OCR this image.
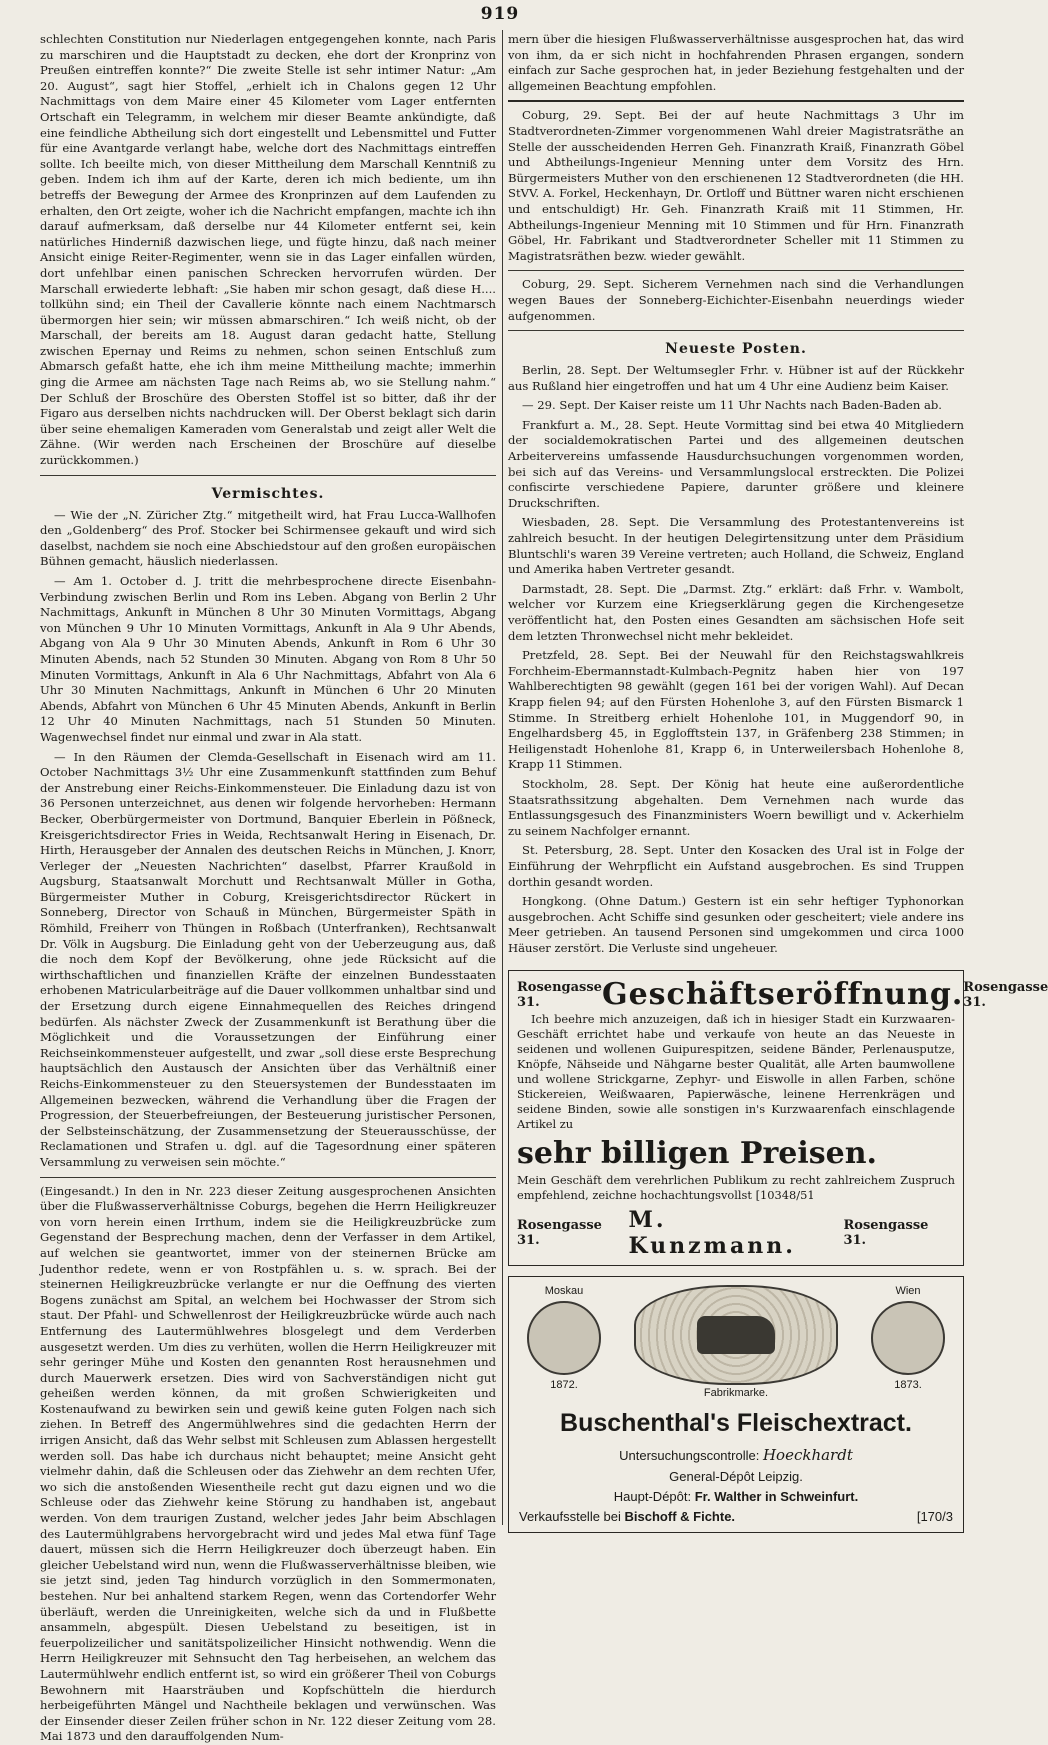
919

schlechten Constitution nur Niederlagen entgegengehen konnte, nach Paris zu marschiren und die Hauptstadt zu decken, ehe dort der Kronprinz von Preußen eintreffen konnte?“ Die zweite Stelle ist sehr intimer Natur: „Am 20. August“, sagt hier Stoffel, „erhielt ich in Chalons gegen 12 Uhr Nachmittags von dem Maire einer 45 Kilometer vom Lager entfernten Ortschaft ein Telegramm, in welchem mir dieser Beamte ankündigte, daß eine feindliche Abtheilung sich dort eingestellt und Lebensmittel und Futter für eine Avantgarde verlangt habe, welche dort des Nachmittags eintreffen sollte. Ich beeilte mich, von dieser Mittheilung dem Marschall Kenntniß zu geben. Indem ich ihm auf der Karte, deren ich mich bediente, um ihn betreffs der Bewegung der Armee des Kronprinzen auf dem Laufenden zu erhalten, den Ort zeigte, woher ich die Nachricht empfangen, machte ich ihn darauf aufmerksam, daß derselbe nur 44 Kilometer entfernt sei, kein natürliches Hinderniß dazwischen liege, und fügte hinzu, daß nach meiner Ansicht einige Reiter-Regimenter, wenn sie in das Lager einfallen würden, dort unfehlbar einen panischen Schrecken hervorrufen würden. Der Marschall erwiederte lebhaft: „Sie haben mir schon gesagt, daß diese H.... tollkühn sind; ein Theil der Cavallerie könnte nach einem Nachtmarsch übermorgen hier sein; wir müssen abmarschiren.“ Ich weiß nicht, ob der Marschall, der bereits am 18. August daran gedacht hatte, Stellung zwischen Epernay und Reims zu nehmen, schon seinen Entschluß zum Abmarsch gefaßt hatte, ehe ich ihm meine Mittheilung machte; immerhin ging die Armee am nächsten Tage nach Reims ab, wo sie Stellung nahm.“ Der Schluß der Broschüre des Obersten Stoffel ist so bitter, daß ihr der Figaro aus derselben nichts nachdrucken will. Der Oberst beklagt sich darin über seine ehemaligen Kameraden vom Generalstab und zeigt aller Welt die Zähne. (Wir werden nach Erscheinen der Broschüre auf dieselbe zurückkommen.)

Vermischtes.

— Wie der „N. Züricher Ztg.“ mitgetheilt wird, hat Frau Lucca-Wallhofen den „Goldenberg“ des Prof. Stocker bei Schirmensee gekauft und wird sich daselbst, nachdem sie noch eine Abschiedstour auf den großen europäischen Bühnen gemacht, häuslich niederlassen.

— Am 1. October d. J. tritt die mehrbesprochene directe Eisenbahn-Verbindung zwischen Berlin und Rom ins Leben. Abgang von Berlin 2 Uhr Nachmittags, Ankunft in München 8 Uhr 30 Minuten Vormittags, Abgang von München 9 Uhr 10 Minuten Vormittags, Ankunft in Ala 9 Uhr Abends, Abgang von Ala 9 Uhr 30 Minuten Abends, Ankunft in Rom 6 Uhr 30 Minuten Abends, nach 52 Stunden 30 Minuten. Abgang von Rom 8 Uhr 50 Minuten Vormittags, Ankunft in Ala 6 Uhr Nachmittags, Abfahrt von Ala 6 Uhr 30 Minuten Nachmittags, Ankunft in München 6 Uhr 20 Minuten Abends, Abfahrt von München 6 Uhr 45 Minuten Abends, Ankunft in Berlin 12 Uhr 40 Minuten Nachmittags, nach 51 Stunden 50 Minuten. Wagenwechsel findet nur einmal und zwar in Ala statt.

— In den Räumen der Clemda-Gesellschaft in Eisenach wird am 11. October Nachmittags 3½ Uhr eine Zusammenkunft stattfinden zum Behuf der Anstrebung einer Reichs-Einkommensteuer. Die Einladung dazu ist von 36 Personen unterzeichnet, aus denen wir folgende hervorheben: Hermann Becker, Oberbürgermeister von Dortmund, Banquier Eberlein in Pößneck, Kreisgerichtsdirector Fries in Weida, Rechtsanwalt Hering in Eisenach, Dr. Hirth, Herausgeber der Annalen des deutschen Reichs in München, J. Knorr, Verleger der „Neuesten Nachrichten“ daselbst, Pfarrer Kraußold in Augsburg, Staatsanwalt Morchutt und Rechtsanwalt Müller in Gotha, Bürgermeister Muther in Coburg, Kreisgerichtsdirector Rückert in Sonneberg, Director von Schauß in München, Bürgermeister Späth in Römhild, Freiherr von Thüngen in Roßbach (Unterfranken), Rechtsanwalt Dr. Völk in Augsburg. Die Einladung geht von der Ueberzeugung aus, daß die noch dem Kopf der Bevölkerung, ohne jede Rücksicht auf die wirthschaftlichen und finanziellen Kräfte der einzelnen Bundesstaaten erhobenen Matricularbeiträge auf die Dauer vollkommen unhaltbar sind und der Ersetzung durch eigene Einnahmequellen des Reiches dringend bedürfen. Als nächster Zweck der Zusammenkunft ist Berathung über die Möglichkeit und die Voraussetzungen der Einführung einer Reichseinkommensteuer aufgestellt, und zwar „soll diese erste Besprechung hauptsächlich den Austausch der Ansichten über das Verhältniß einer Reichs-Einkommensteuer zu den Steuersystemen der Bundesstaaten im Allgemeinen bezwecken, während die Verhandlung über die Fragen der Progression, der Steuerbefreiungen, der Besteuerung juristischer Personen, der Selbsteinschätzung, der Zusammensetzung der Steuerausschüsse, der Reclamationen und Strafen u. dgl. auf die Tagesordnung einer späteren Versammlung zu verweisen sein möchte.“

(Eingesandt.) In den in Nr. 223 dieser Zeitung ausgesprochenen Ansichten über die Flußwasserverhältnisse Coburgs, begehen die Herrn Heiligkreuzer von vorn herein einen Irrthum, indem sie die Heiligkreuzbrücke zum Gegenstand der Besprechung machen, denn der Verfasser in dem Artikel, auf welchen sie geantwortet, immer von der steinernen Brücke am Judenthor redete, wenn er von Rostpfählen u. s. w. sprach. Bei der steinernen Heiligkreuzbrücke verlangte er nur die Oeffnung des vierten Bogens zunächst am Spital, an welchem bei Hochwasser der Strom sich staut. Der Pfahl- und Schwellenrost der Heiligkreuzbrücke würde auch nach Entfernung des Lautermühlwehres blosgelegt und dem Verderben ausgesetzt werden. Um dies zu verhüten, wollen die Herrn Heiligkreuzer mit sehr geringer Mühe und Kosten den genannten Rost herausnehmen und durch Mauerwerk ersetzen. Dies wird von Sachverständigen nicht gut geheißen werden können, da mit großen Schwierigkeiten und Kostenaufwand zu bewirken sein und gewiß keine guten Folgen nach sich ziehen. In Betreff des Angermühlwehres sind die gedachten Herrn der irrigen Ansicht, daß das Wehr selbst mit Schleusen zum Ablassen hergestellt werden soll. Das habe ich durchaus nicht behauptet; meine Ansicht geht vielmehr dahin, daß die Schleusen oder das Ziehwehr an dem rechten Ufer, wo sich die anstoßenden Wiesentheile recht gut dazu eignen und wo die Schleuse oder das Ziehwehr keine Störung zu handhaben ist, angebaut werden. Von dem traurigen Zustand, welcher jedes Jahr beim Abschlagen des Lautermühlgrabens hervorgebracht wird und jedes Mal etwa fünf Tage dauert, müssen sich die Herrn Heiligkreuzer doch überzeugt haben. Ein gleicher Uebelstand wird nun, wenn die Flußwasserverhältnisse bleiben, wie sie jetzt sind, jeden Tag hindurch vorzüglich in den Sommermonaten, bestehen. Nur bei anhaltend starkem Regen, wenn das Cortendorfer Wehr überläuft, werden die Unreinigkeiten, welche sich da und in Flußbette ansammeln, abgespült. Diesen Uebelstand zu beseitigen, ist in feuerpolizeilicher und sanitätspolizeilicher Hinsicht nothwendig. Wenn die Herrn Heiligkreuzer mit Sehnsucht den Tag herbeisehen, an welchem das Lautermühlwehr endlich entfernt ist, so wird ein größerer Theil von Coburgs Bewohnern mit Haarsträuben und Kopfschütteln die hierdurch herbeigeführten Mängel und Nachtheile beklagen und verwünschen. Was der Einsender dieser Zeilen früher schon in Nr. 122 dieser Zeitung vom 28. Mai 1873 und den darauffolgenden Num-

mern über die hiesigen Flußwasserverhältnisse ausgesprochen hat, das wird von ihm, da er sich nicht in hochfahrenden Phrasen ergangen, sondern einfach zur Sache gesprochen hat, in jeder Beziehung festgehalten und der allgemeinen Beachtung empfohlen.

Coburg, 29. Sept. Bei der auf heute Nachmittags 3 Uhr im Stadtverordneten-Zimmer vorgenommenen Wahl dreier Magistratsräthe an Stelle der ausscheidenden Herren Geh. Finanzrath Kraiß, Finanzrath Göbel und Abtheilungs-Ingenieur Menning unter dem Vorsitz des Hrn. Bürgermeisters Muther von den erschienenen 12 Stadtverordneten (die HH. StVV. A. Forkel, Heckenhayn, Dr. Ortloff und Büttner waren nicht erschienen und entschuldigt) Hr. Geh. Finanzrath Kraiß mit 11 Stimmen, Hr. Abtheilungs-Ingenieur Menning mit 10 Stimmen und für Hrn. Finanzrath Göbel, Hr. Fabrikant und Stadtverordneter Scheller mit 11 Stimmen zu Magistratsräthen bezw. wieder gewählt.

Coburg, 29. Sept. Sicherem Vernehmen nach sind die Verhandlungen wegen Baues der Sonneberg-Eichichter-Eisenbahn neuerdings wieder aufgenommen.

Neueste Posten.

Berlin, 28. Sept. Der Weltumsegler Frhr. v. Hübner ist auf der Rückkehr aus Rußland hier eingetroffen und hat um 4 Uhr eine Audienz beim Kaiser.

— 29. Sept. Der Kaiser reiste um 11 Uhr Nachts nach Baden-Baden ab.

Frankfurt a. M., 28. Sept. Heute Vormittag sind bei etwa 40 Mitgliedern der socialdemokratischen Partei und des allgemeinen deutschen Arbeitervereins umfassende Hausdurchsuchungen vorgenommen worden, bei sich auf das Vereins- und Versammlungslocal erstreckten. Die Polizei confiscirte verschiedene Papiere, darunter größere und kleinere Druckschriften.

Wiesbaden, 28. Sept. Die Versammlung des Protestantenvereins ist zahlreich besucht. In der heutigen Delegirtensitzung unter dem Präsidium Bluntschli's waren 39 Vereine vertreten; auch Holland, die Schweiz, England und Amerika haben Vertreter gesandt.

Darmstadt, 28. Sept. Die „Darmst. Ztg.“ erklärt: daß Frhr. v. Wambolt, welcher vor Kurzem eine Kriegserklärung gegen die Kirchengesetze veröffentlicht hat, den Posten eines Gesandten am sächsischen Hofe seit dem letzten Thronwechsel nicht mehr bekleidet.

Pretzfeld, 28. Sept. Bei der Neuwahl für den Reichstagswahlkreis Forchheim-Ebermannstadt-Kulmbach-Pegnitz haben hier von 197 Wahlberechtigten 98 gewählt (gegen 161 bei der vorigen Wahl). Auf Decan Krapp fielen 94; auf den Fürsten Hohenlohe 3, auf den Fürsten Bismarck 1 Stimme. In Streitberg erhielt Hohenlohe 101, in Muggendorf 90, in Engelhardsberg 45, in Egglofftstein 137, in Gräfenberg 238 Stimmen; in Heiligenstadt Hohenlohe 81, Krapp 6, in Unterweilersbach Hohenlohe 8, Krapp 11 Stimmen.

Stockholm, 28. Sept. Der König hat heute eine außerordentliche Staatsrathssitzung abgehalten. Dem Vernehmen nach wurde das Entlassungsgesuch des Finanzministers Woern bewilligt und v. Ackerhielm zu seinem Nachfolger ernannt.

St. Petersburg, 28. Sept. Unter den Kosacken des Ural ist in Folge der Einführung der Wehrpflicht ein Aufstand ausgebrochen. Es sind Truppen dorthin gesandt worden.

Hongkong. (Ohne Datum.) Gestern ist ein sehr heftiger Typhonorkan ausgebrochen. Acht Schiffe sind gesunken oder gescheitert; viele andere ins Meer getrieben. An tausend Personen sind umgekommen und circa 1000 Häuser zerstört. Die Verluste sind ungeheuer.

Rosengasse 31.	Geschäftseröffnung. Rosengasse 31.

Ich beehre mich anzuzeigen, daß ich in hiesiger Stadt ein Kurzwaaren-Geschäft errichtet habe und verkaufe von heute an das Neueste in seidenen und wollenen Guipurespitzen, seidene Bänder, Perlenausputze, Knöpfe, Nähseide und Nähgarne bester Qualität, alle Arten baumwollene und wollene Strickgarne, Zephyr- und Eiswolle in allen Farben, schöne Stickereien, Weißwaaren, Papierwäsche, leinene Herrenkrägen und seidene Binden, sowie alle sonstigen in's Kurzwaarenfach einschlagende Artikel zu

sehr billigen Preisen.

Mein Geschäft dem verehrlichen Publikum zu recht zahlreichem Zuspruch empfehlend, zeichne hochachtungsvollst [10348/51

Rosengasse 31.
M. Kunzmann.
Rosengasse 31.
Moskau
1872.
Fabrikmarke.
Wien
1873.
Buschenthal's Fleischextract.
Untersuchungscontrolle: Hoeckhardt
General-Dépôt Leipzig.
Haupt-Dépôt: Fr. Walther in Schweinfurt.
Verkaufsstelle bei Bischoff & Fichte.	[170/3
